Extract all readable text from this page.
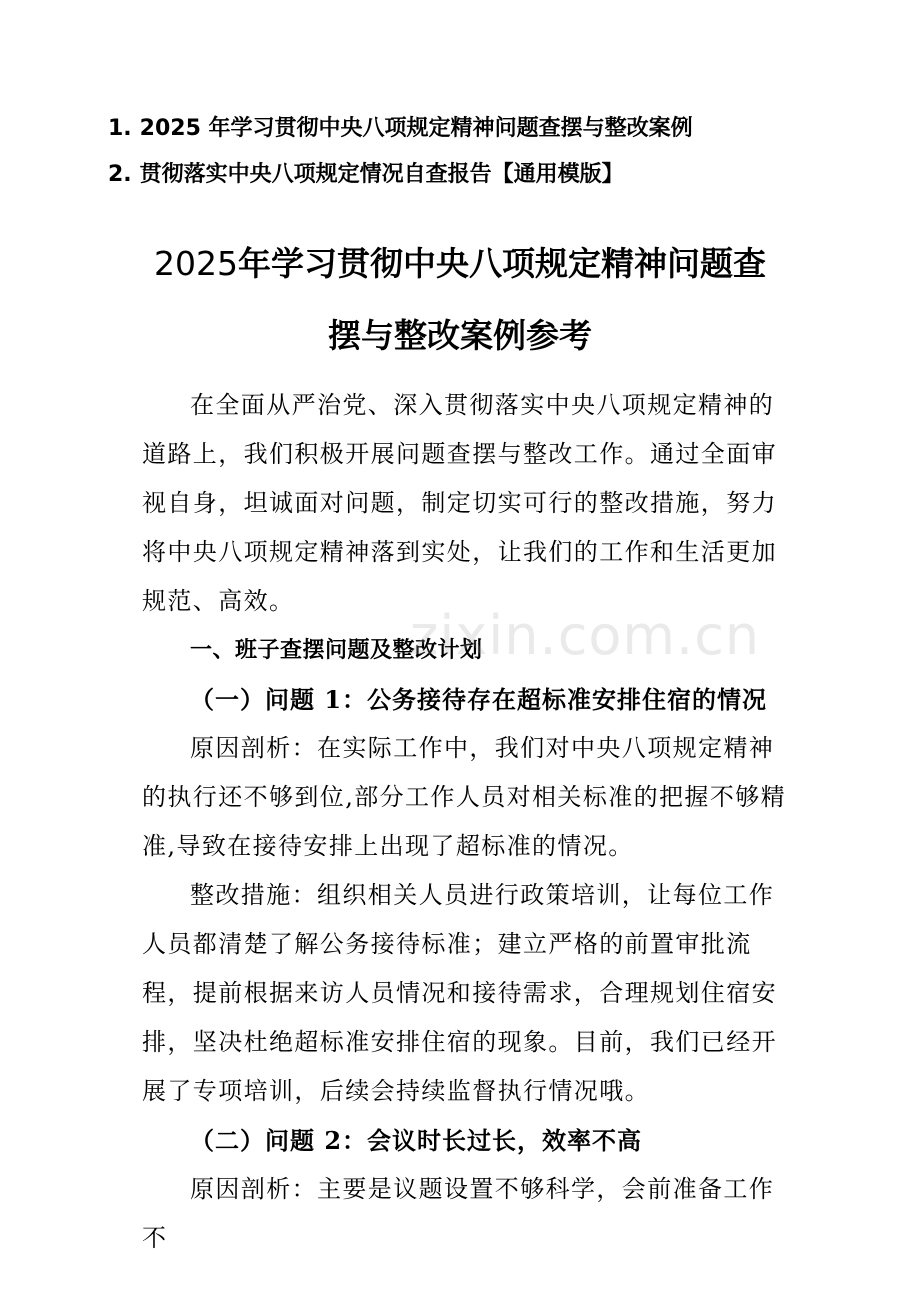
1. 2025 年学习贯彻中央八项规定精神问题查摆与整改案例
2. 贯彻落实中央八项规定情况自查报告【通用模版】
2025年学习贯彻中央八项规定精神问题查
摆与整改案例参考

在全面从严治党、深入贯彻落实中央八项规定精神的道路上，我们积极开展问题查摆与整改工作。通过全面审视自身，坦诚面对问题，制定切实可行的整改措施，努力将中央八项规定精神落到实处，让我们的工作和生活更加规范、高效。

一、班子查摆问题及整改计划

（一）问题 1：公务接待存在超标准安排住宿的情况

原因剖析：在实际工作中，我们对中央八项规定精神的执行还不够到位,部分工作人员对相关标准的把握不够精准,导致在接待安排上出现了超标准的情况。

整改措施：组织相关人员进行政策培训，让每位工作人员都清楚了解公务接待标准；建立严格的前置审批流程，提前根据来访人员情况和接待需求，合理规划住宿安排，坚决杜绝超标准安排住宿的现象。目前，我们已经开展了专项培训，后续会持续监督执行情况哦。

（二）问题 2：会议时长过长，效率不高

原因剖析：主要是议题设置不够科学，会前准备工作不

zixin.com.cn
